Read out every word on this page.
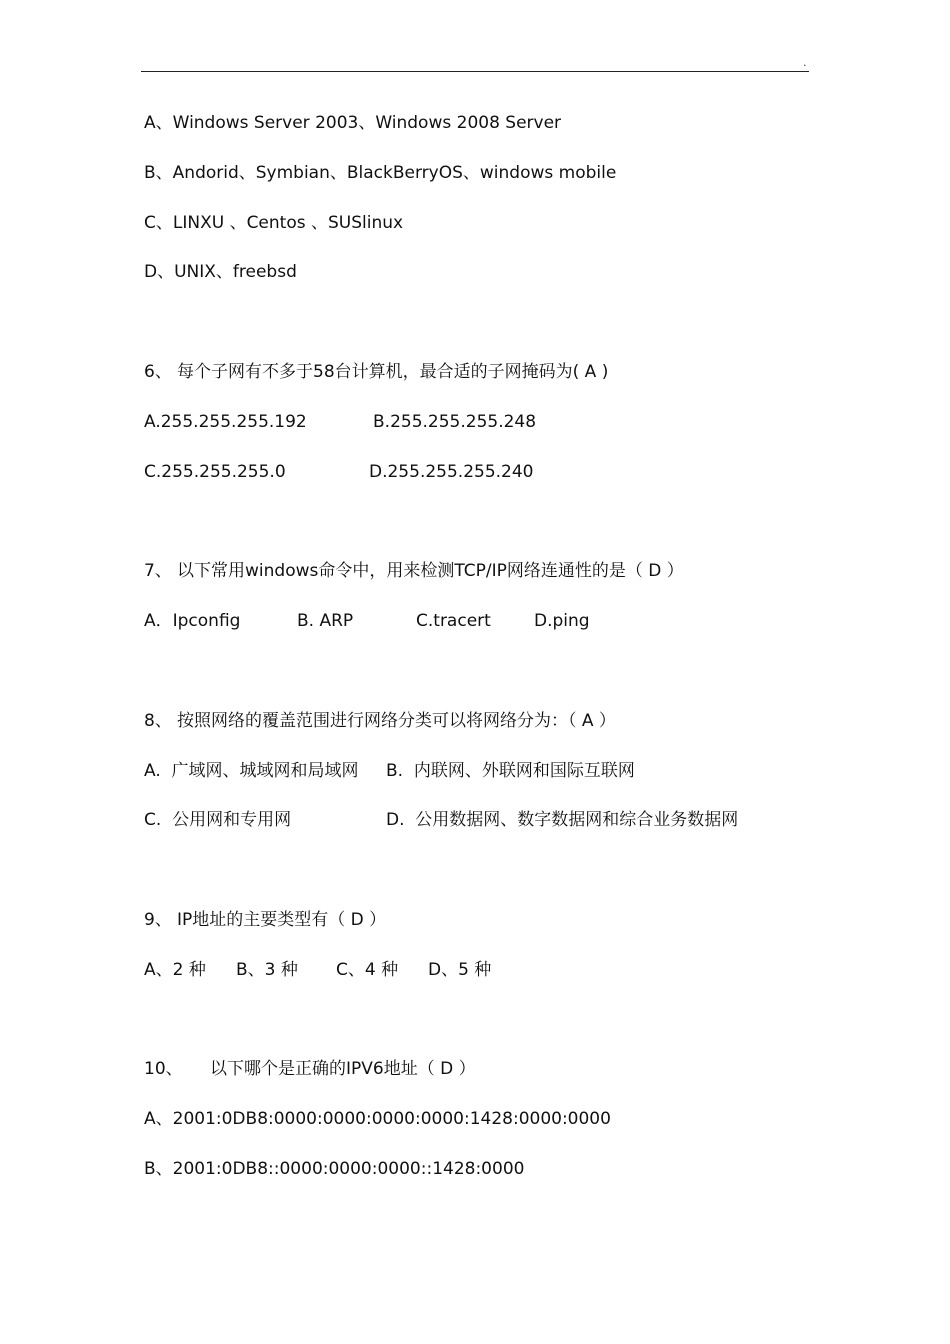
.
A、Windows Server 2003、Windows 2008 Server
B、Andorid、Symbian、BlackBerryOS、windows mobile
C、LINXU 、Centos 、SUSlinux
D、UNIX、freebsd
6、 每个子网有不多于58台计算机，最合适的子网掩码为( A )
A.255.255.255.192	B.255.255.255.248
C.255.255.255.0	D.255.255.255.240
7、 以下常用windows命令中，用来检测TCP/IP网络连通性的是（ D ）
A．Ipconfig	B. ARP	C.tracert	D.ping
8、 按照网络的覆盖范围进行网络分类可以将网络分为：（ A ）
A.  广域网、城域网和局域网 B.  内联网、外联网和国际互联网
C.  公用网和专用网	D.  公用数据网、数字数据网和综合业务数据网
9、 IP地址的主要类型有（ D ）
A、2 种 B、3 种 C、4 种 D、5 种
10、 以下哪个是正确的IPV6地址（ D ）
A、2001:0DB8:0000:0000:0000:0000:1428:0000:0000
B、2001:0DB8::0000:0000:0000::1428:0000
